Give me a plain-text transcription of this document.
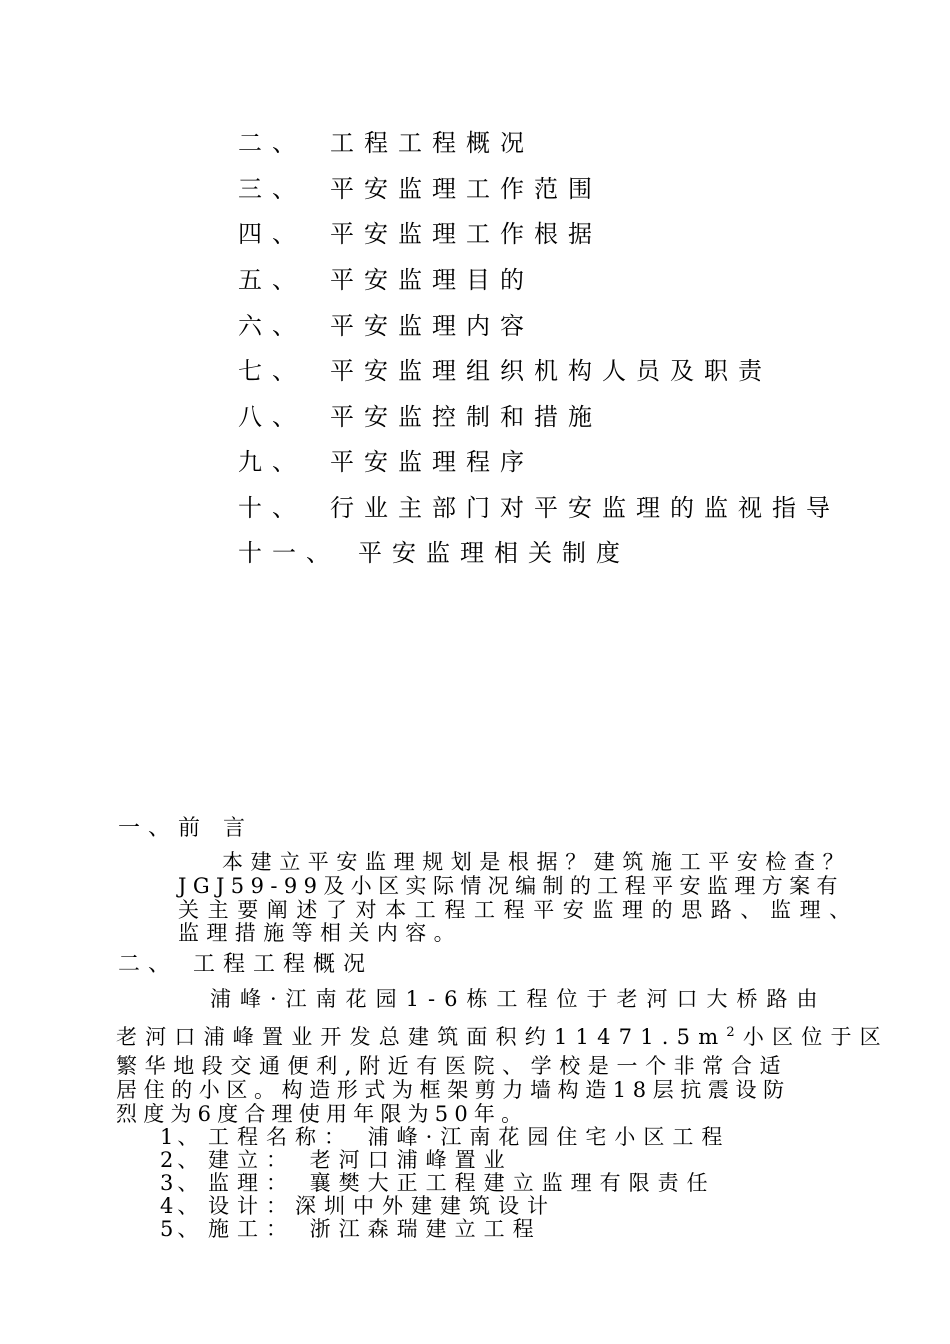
二、 工程工程概况
三、 平安监理工作范围
四、 平安监理工作根据
五、 平安监理目的
六、 平安监理内容
七、 平安监理组织机构人员及职责
八、 平安监控制和措施
九、 平安监理程序
十、 行业主部门对平安监理的监视指导
十一、 平安监理相关制度
一、前 言
本建立平安监理规划是根据？建筑施工平安检查？
JGJ59-99及小区实际情况编制的工程平安监理方案有
关主要阐述了对本工程工程平安监理的思路、监理、
监理措施等相关内容。
二、 工程工程概况
浦峰·江南花园1-6栋工程位于老河口大桥路由
老河口浦峰置业开发总建筑面积约$11471.5m^2$小区位于区
繁华地段交通便利,附近有医院、学校是一个非常合适
居住的小区。构造形式为框架剪力墙构造18层抗震设防
烈度为6度合理使用年限为50年。
1、 工程名称： 浦峰·江南花园住宅小区工程
2、 建立： 老河口浦峰置业
3、 监理： 襄樊大正工程建立监理有限责任
4、 设计：深圳中外建建筑设计
5、 施工： 浙江森瑞建立工程
